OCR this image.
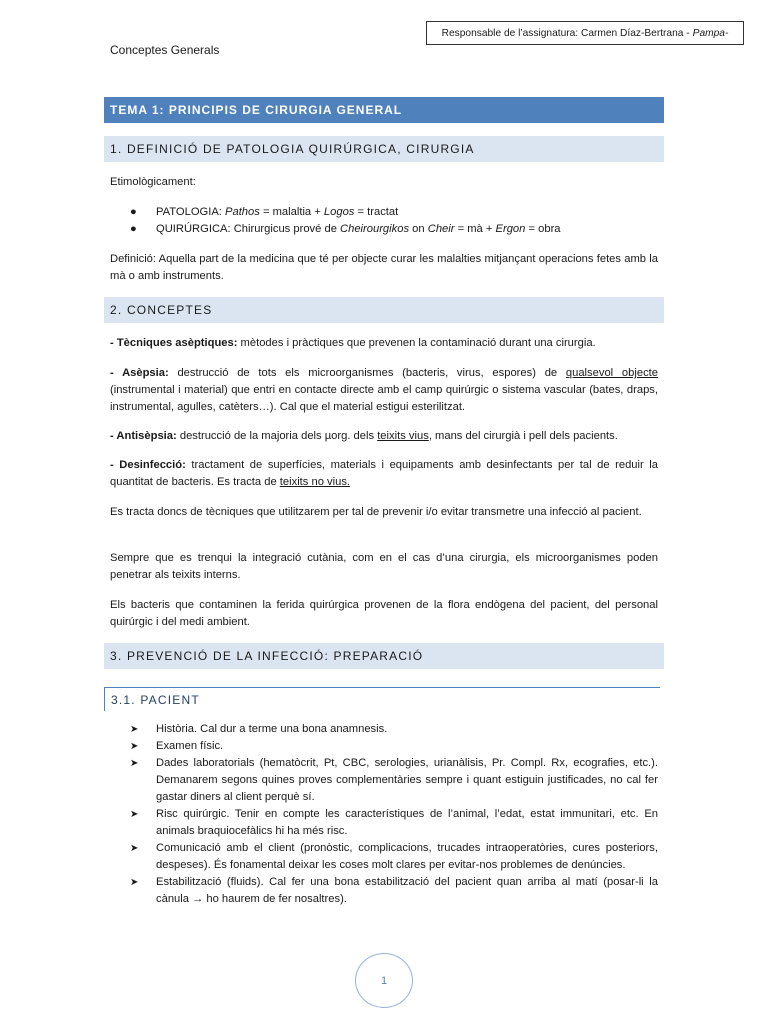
Responsable de l’assignatura: Carmen Díaz-Bertrana - Pampa-
Conceptes Generals
TEMA 1: PRINCIPIS DE CIRURGIA GENERAL
1. DEFINICIÓ DE PATOLOGIA QUIRÚRGICA, CIRURGIA

Etimològicament:

● PATOLOGIA: Pathos = malaltia + Logos = tractat
● QUIRÚRGICA: Chirurgicus prové de Cheirourgikos on Cheir = mà + Ergon = obra

Definició: Aquella part de la medicina que té per objecte curar les malalties mitjançant operacions fetes amb la mà o amb instruments.

2. CONCEPTES

- Tècniques asèptiques: mètodes i pràctiques que prevenen la contaminació durant una cirurgia.

- Asèpsia: destrucció de tots els microorganismes (bacteris, virus, espores) de qualsevol objecte (instrumental i material) que entri en contacte directe amb el camp quirúrgic o sistema vascular (bates, draps, instrumental, agulles, catèters…). Cal que el material estigui esterilitzat.

- Antisèpsia: destrucció de la majoria dels µorg. dels teixits vius, mans del cirurgià i pell dels pacients.

- Desinfecció: tractament de superfícies, materials i equipaments amb desinfectants per tal de reduir la quantitat de bacteris. Es tracta de teixits no vius.

Es tracta doncs de tècniques que utilitzarem per tal de prevenir i/o evitar transmetre una infecció al pacient.

Sempre que es trenqui la integració cutània, com en el cas d’una cirurgia, els microorganismes poden penetrar als teixits interns.

Els bacteris que contaminen la ferida quirúrgica provenen de la flora endògena del pacient, del personal quirúrgic i del medi ambient.

3. PREVENCIÓ DE LA INFECCIÓ: PREPARACIÓ
3.1. PACIENT
➤ Història. Cal dur a terme una bona anamnesis.
➤ Examen físic.
➤ Dades laboratorials (hematòcrit, Pt, CBC, serologies, urianàlisis, Pr. Compl. Rx, ecografies, etc.). Demanarem segons quines proves complementàries sempre i quant estiguin justificades, no cal fer gastar diners al client perquè sí.
➤ Risc quirúrgic. Tenir en compte les característiques de l’animal, l’edat, estat immunitari, etc. En animals braquiocefàlics hi ha més risc.
➤ Comunicació amb el client (pronòstic, complicacions, trucades intraoperatòries, cures posteriors, despeses). És fonamental deixar les coses molt clares per evitar-nos problemes de denúncies.
➤ Estabilització (fluids). Cal fer una bona estabilització del pacient quan arriba al matí (posar-li la cànula → ho haurem de fer nosaltres).
1
